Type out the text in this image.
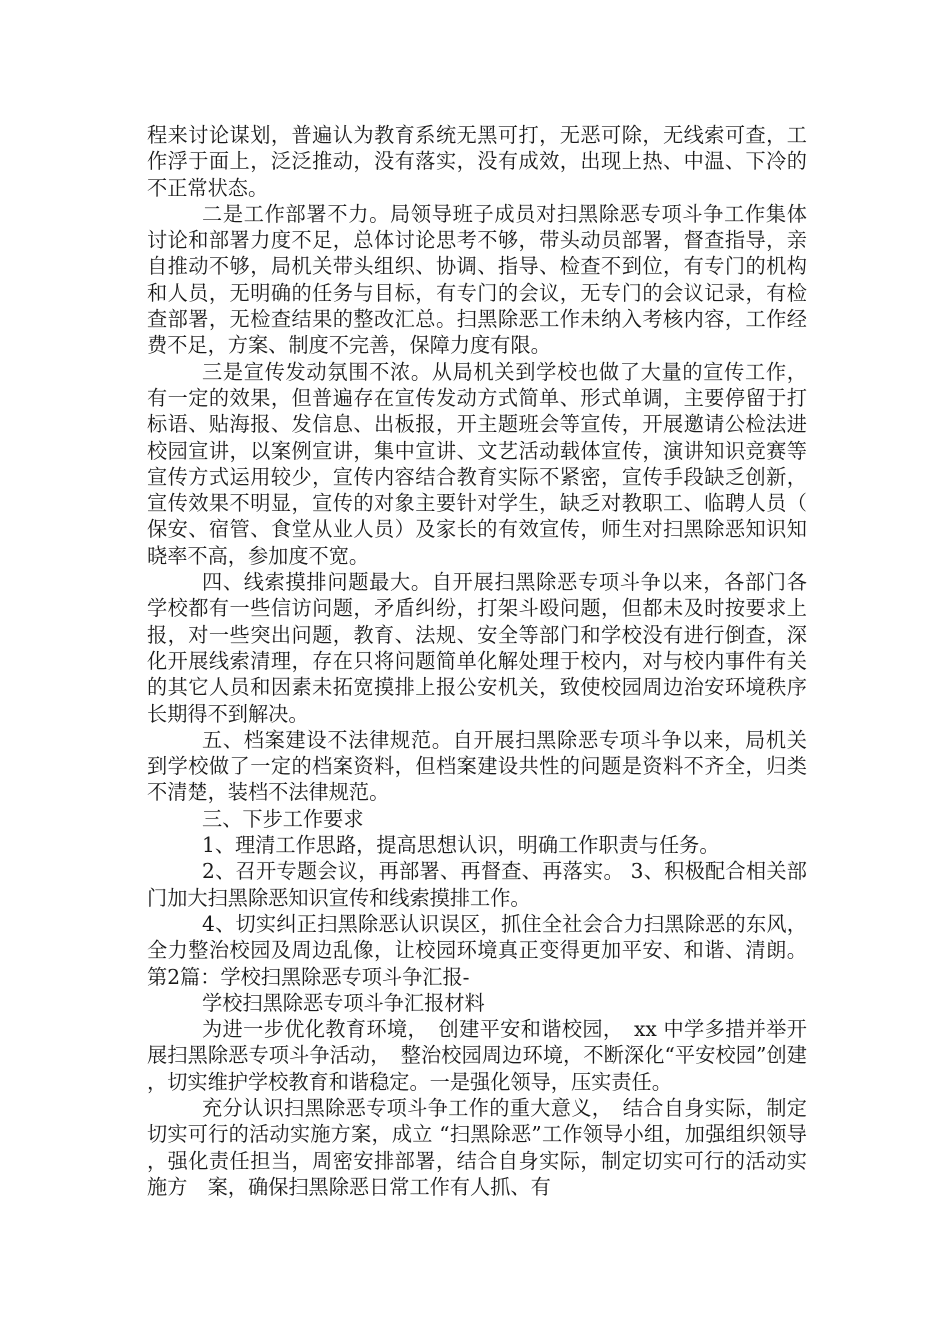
程来讨论谋划，普遍认为教育系统无黑可打，无恶可除，无线索可查，工作浮于面上，泛泛推动，没有落实，没有成效，出现上热、中温、下冷的不正常状态。

二是工作部署不力。局领导班子成员对扫黑除恶专项斗争工作集体讨论和部署力度不足，总体讨论思考不够，带头动员部署，督查指导，亲自推动不够，局机关带头组织、协调、指导、检查不到位，有专门的机构和人员，无明确的任务与目标，有专门的会议，无专门的会议记录，有检查部署，无检查结果的整改汇总。扫黑除恶工作未纳入考核内容，工作经费不足，方案、制度不完善，保障力度有限。

三是宣传发动氛围不浓。从局机关到学校也做了大量的宣传工作，有一定的效果，但普遍存在宣传发动方式简单、形式单调，主要停留于打标语、贴海报、发信息、出板报，开主题班会等宣传，开展邀请公检法进校园宣讲，以案例宣讲，集中宣讲、文艺活动载体宣传，演讲知识竞赛等宣传方式运用较少，宣传内容结合教育实际不紧密，宣传手段缺乏创新，宣传效果不明显，宣传的对象主要针对学生，缺乏对教职工、临聘人员（保安、宿管、食堂从业人员）及家长的有效宣传，师生对扫黑除恶知识知晓率不高，参加度不宽。

四、线索摸排问题最大。自开展扫黑除恶专项斗争以来，各部门各学校都有一些信访问题，矛盾纠纷，打架斗殴问题，但都未及时按要求上报，对一些突出问题，教育、法规、安全等部门和学校没有进行倒查，深化开展线索清理，存在只将问题简单化解处理于校内，对与校内事件有关的其它人员和因素未拓宽摸排上报公安机关，致使校园周边治安环境秩序长期得不到解决。

五、档案建设不法律规范。自开展扫黑除恶专项斗争以来，局机关到学校做了一定的档案资料，但档案建设共性的问题是资料不齐全，归类不清楚，装档不法律规范。

三、下步工作要求

1、理清工作思路，提高思想认识，明确工作职责与任务。

2、召开专题会议，再部署、再督查、再落实。 3、积极配合相关部门加大扫黑除恶知识宣传和线索摸排工作。

4、切实纠正扫黑除恶认识误区，抓住全社会合力扫黑除恶的东风，全力整治校园及周边乱像，让校园环境真正变得更加平安、和谐、清朗。第2篇：学校扫黑除恶专项斗争汇报-

学校扫黑除恶专项斗争汇报材料

为进一步优化教育环境，　创建平安和谐校园，　xx 中学多措并举开展扫黑除恶专项斗争活动，　整治校园周边环境，不断深化“平安校园”创建，切实维护学校教育和谐稳定。一是强化领导，压实责任。

充分认识扫黑除恶专项斗争工作的重大意义，　结合自身实际，制定切实可行的活动实施方案，成立 “扫黑除恶”工作领导小组，加强组织领导，强化责任担当，周密安排部署，结合自身实际，制定切实可行的活动实施方　案，确保扫黑除恶日常工作有人抓、有
